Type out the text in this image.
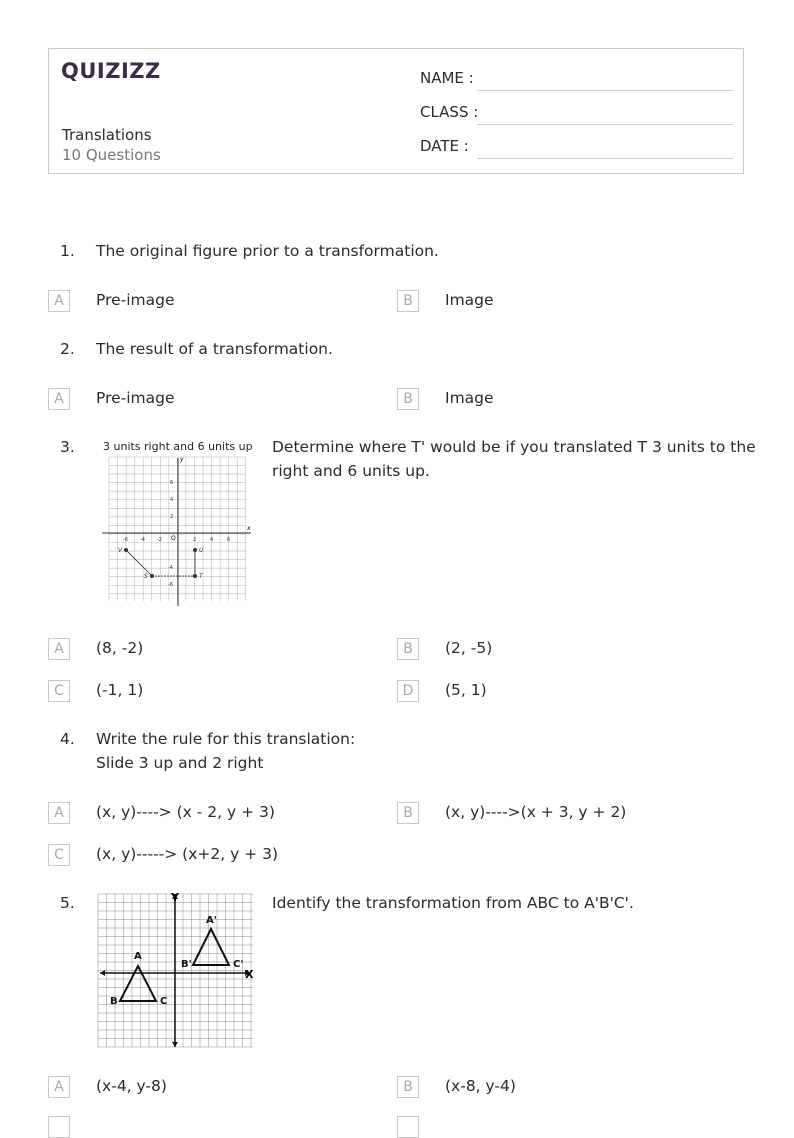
QUIZIZZ
Translations
10 Questions
NAME :
CLASS :
DATE :
1. The original figure prior to a transformation.
A	Pre-image	B	Image
2. The result of a transformation.
A	Pre-image	B	Image
3.	3 units right and 6 units up
x
y
O
-6 -4 -2	2	4	6
6
4
2
-4
-6
V	U
S	T
Determine where T' would be if you translated T 3 units to the
right and 6 units up.
A	(8, -2)	B	(2, -5)
C	(-1, 1)	D	(5, 1)
4. Write the rule for this translation:
Slide 3 up and 2 right
A	(x, y)----> (x - 2, y + 3)	B	(x, y)---->(x + 3, y + 2)
C	(x, y)-----> (x+2, y + 3)
5.	Y
X
A
B	C
A'
B'	C'
Identify the transformation from ABC to A'B'C'.
A	(x-4, y-8)	B	(x-8, y-4)
